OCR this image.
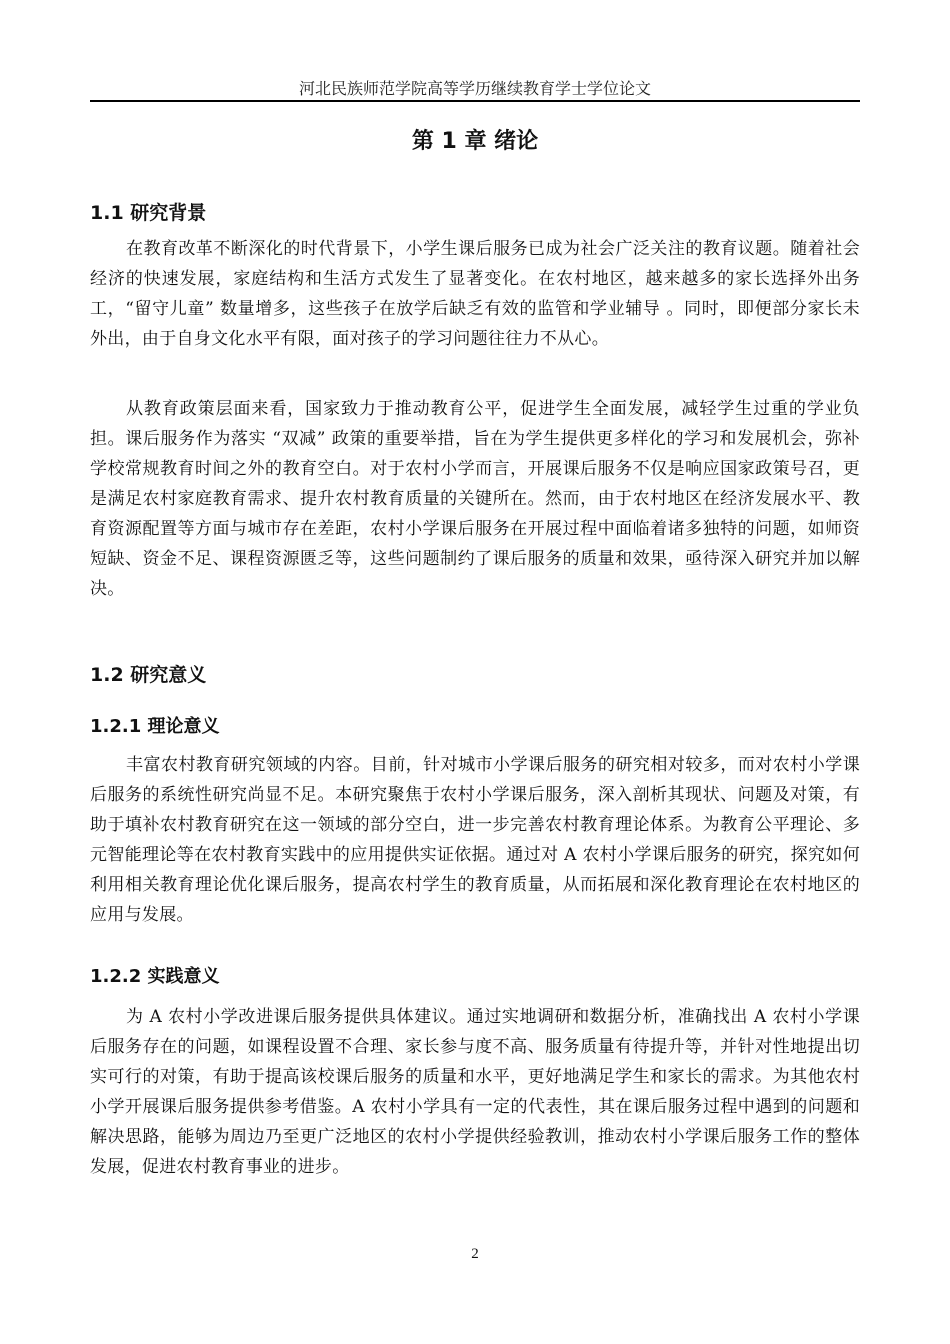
河北民族师范学院高等学历继续教育学士学位论文
第 1 章 绪论
1.1 研究背景

在教育改革不断深化的时代背景下，小学生课后服务已成为社会广泛关注的教育议题。随着社会经济的快速发展，家庭结构和生活方式发生了显著变化。在农村地区，越来越多的家长选择外出务工，“留守儿童” 数量增多，这些孩子在放学后缺乏有效的监管和学业辅导 。同时，即便部分家长未外出，由于自身文化水平有限，面对孩子的学习问题往往力不从心。

从教育政策层面来看，国家致力于推动教育公平，促进学生全面发展，减轻学生过重的学业负担。课后服务作为落实 “双减” 政策的重要举措，旨在为学生提供更多样化的学习和发展机会，弥补学校常规教育时间之外的教育空白。对于农村小学而言，开展课后服务不仅是响应国家政策号召，更是满足农村家庭教育需求、提升农村教育质量的关键所在。然而，由于农村地区在经济发展水平、教育资源配置等方面与城市存在差距，农村小学课后服务在开展过程中面临着诸多独特的问题，如师资短缺、资金不足、课程资源匮乏等，这些问题制约了课后服务的质量和效果，亟待深入研究并加以解决。

1.2 研究意义
1.2.1 理论意义

丰富农村教育研究领域的内容。目前，针对城市小学课后服务的研究相对较多，而对农村小学课后服务的系统性研究尚显不足。本研究聚焦于农村小学课后服务，深入剖析其现状、问题及对策，有助于填补农村教育研究在这一领域的部分空白，进一步完善农村教育理论体系。为教育公平理论、多元智能理论等在农村教育实践中的应用提供实证依据。通过对 A 农村小学课后服务的研究，探究如何利用相关教育理论优化课后服务，提高农村学生的教育质量，从而拓展和深化教育理论在农村地区的应用与发展。

1.2.2 实践意义

为 A 农村小学改进课后服务提供具体建议。通过实地调研和数据分析，准确找出 A 农村小学课后服务存在的问题，如课程设置不合理、家长参与度不高、服务质量有待提升等，并针对性地提出切实可行的对策，有助于提高该校课后服务的质量和水平，更好地满足学生和家长的需求。为其他农村小学开展课后服务提供参考借鉴。A 农村小学具有一定的代表性，其在课后服务过程中遇到的问题和解决思路，能够为周边乃至更广泛地区的农村小学提供经验教训，推动农村小学课后服务工作的整体发展，促进农村教育事业的进步。

2
